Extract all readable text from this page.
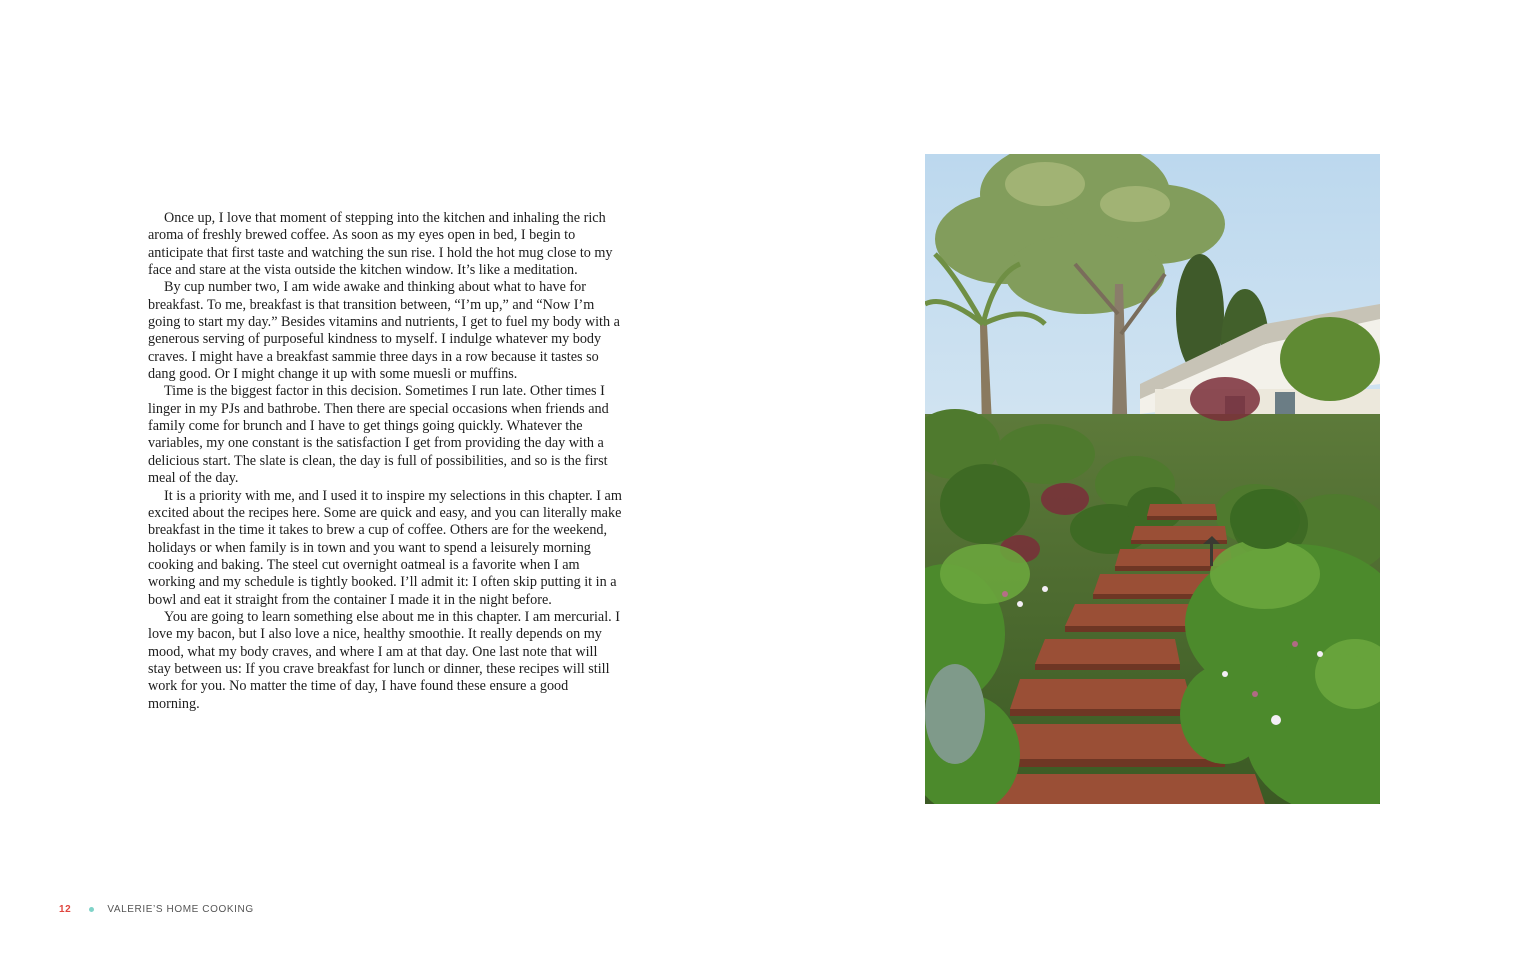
Once up, I love that moment of stepping into the kitchen and inhaling the rich aroma of freshly brewed coffee. As soon as my eyes open in bed, I begin to anticipate that first taste and watching the sun rise. I hold the hot mug close to my face and stare at the vista outside the kitchen window. It’s like a meditation.

By cup number two, I am wide awake and thinking about what to have for breakfast. To me, breakfast is that transition between, “I’m up,” and “Now I’m going to start my day.” Besides vitamins and nutrients, I get to fuel my body with a generous serving of purposeful kindness to myself. I indulge whatever my body craves. I might have a breakfast sammie three days in a row because it tastes so dang good. Or I might change it up with some muesli or muffins.

Time is the biggest factor in this decision. Sometimes I run late. Other times I linger in my PJs and bathrobe. Then there are special occasions when friends and family come for brunch and I have to get things going quickly. Whatever the variables, my one constant is the satisfaction I get from providing the day with a delicious start. The slate is clean, the day is full of possibilities, and so is the first meal of the day.

It is a priority with me, and I used it to inspire my selections in this chapter. I am excited about the recipes here. Some are quick and easy, and you can literally make breakfast in the time it takes to brew a cup of coffee. Others are for the weekend, holidays or when family is in town and you want to spend a leisurely morning cooking and baking. The steel cut overnight oatmeal is a favorite when I am working and my schedule is tightly booked. I’ll admit it: I often skip putting it in a bowl and eat it straight from the container I made it in the night before.

You are going to learn something else about me in this chapter. I am mercurial. I love my bacon, but I also love a nice, healthy smoothie. It really depends on my mood, what my body craves, and where I am at that day. One last note that will stay between us: If you crave breakfast for lunch or dinner, these recipes will still work for you. No matter the time of day, I have found these ensure a good morning.

12	VALERIE’S HOME COOKING
